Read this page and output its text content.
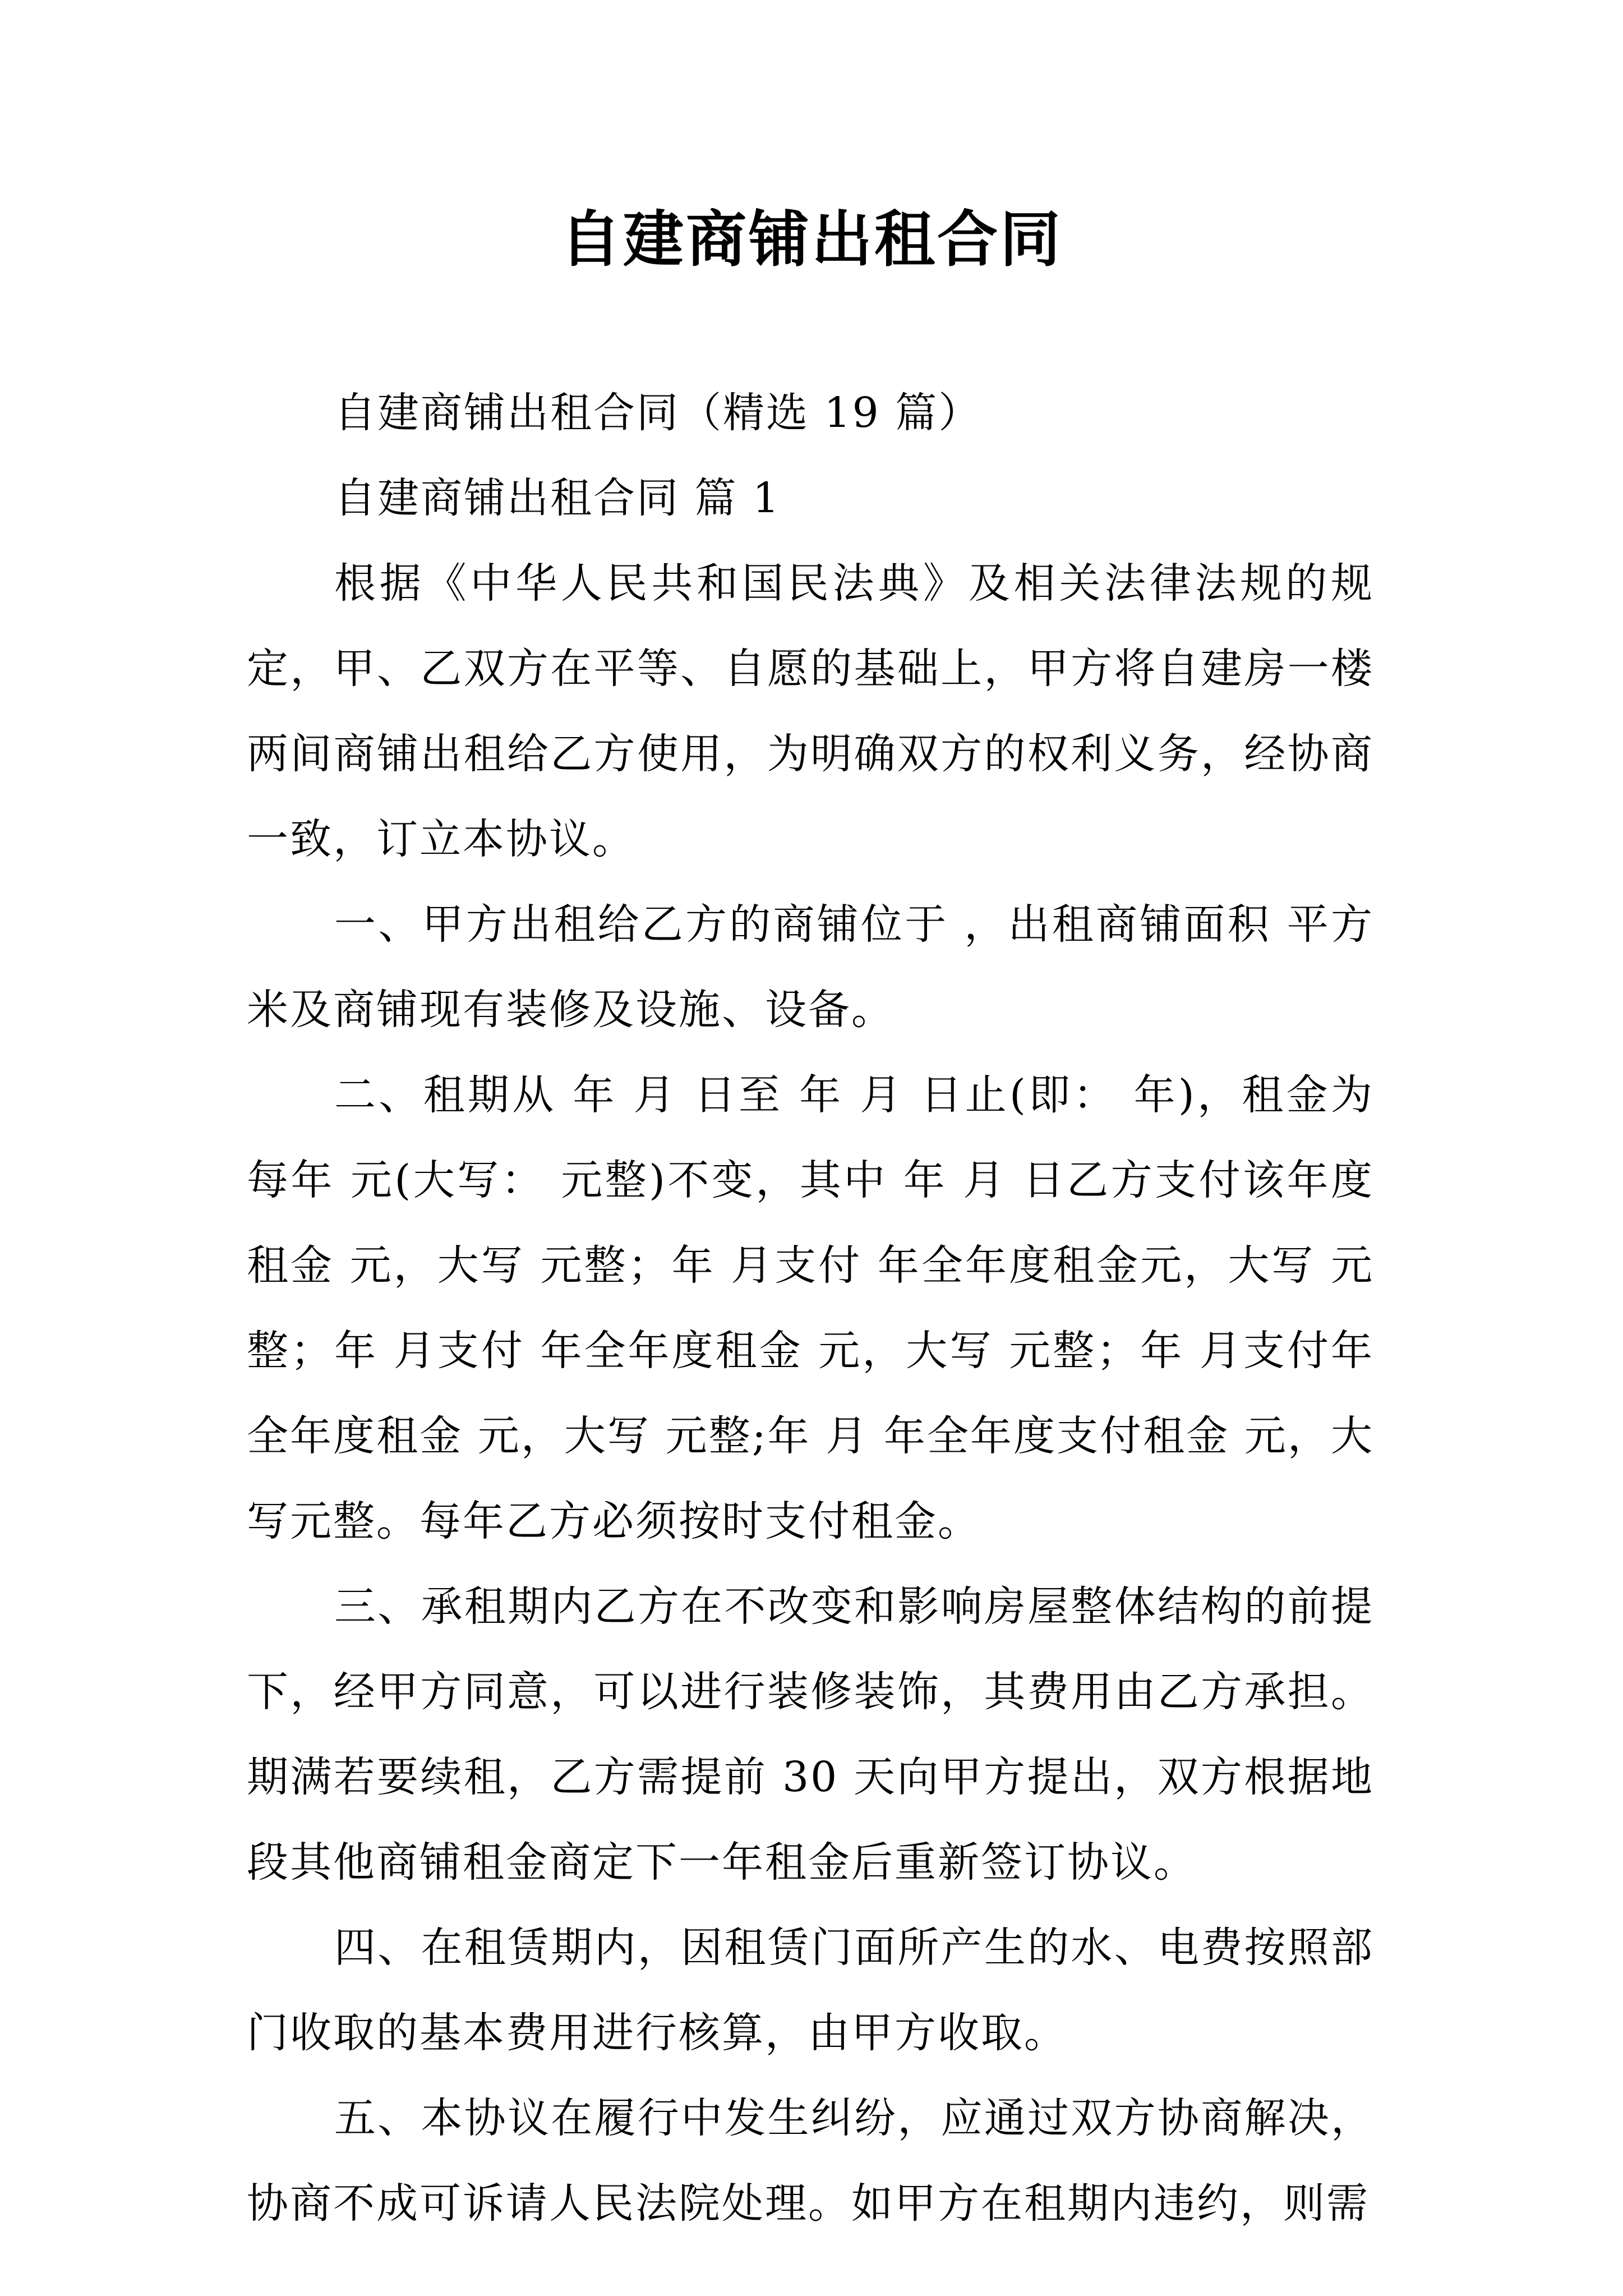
自建商铺出租合同

自建商铺出租合同（精选 19 篇）

自建商铺出租合同 篇 1

根据《中华人民共和国民法典》及相关法律法规的规定，甲、乙双方在平等、自愿的基础上，甲方将自建房一楼两间商铺出租给乙方使用，为明确双方的权利义务，经协商一致，订立本协议。

一、甲方出租给乙方的商铺位于 ，出租商铺面积 平方米及商铺现有装修及设施、设备。

二、租期从 年 月 日至 年 月 日止(即： 年)，租金为每年 元(大写： 元整)不变，其中 年 月 日乙方支付该年度租金 元，大写 元整；年 月支付 年全年度租金元，大写 元整；年 月支付 年全年度租金 元，大写 元整；年 月支付年全年度租金 元，大写 元整;年 月 年全年度支付租金 元，大写元整。每年乙方必须按时支付租金。

三、承租期内乙方在不改变和影响房屋整体结构的前提下，经甲方同意，可以进行装修装饰，其费用由乙方承担。期满若要续租，乙方需提前 30 天向甲方提出，双方根据地段其他商铺租金商定下一年租金后重新签订协议。

四、在租赁期内，因租赁门面所产生的水、电费按照部门收取的基本费用进行核算，由甲方收取。

五、本协议在履行中发生纠纷，应通过双方协商解决，协商不成可诉请人民法院处理。如甲方在租期内违约，则需
